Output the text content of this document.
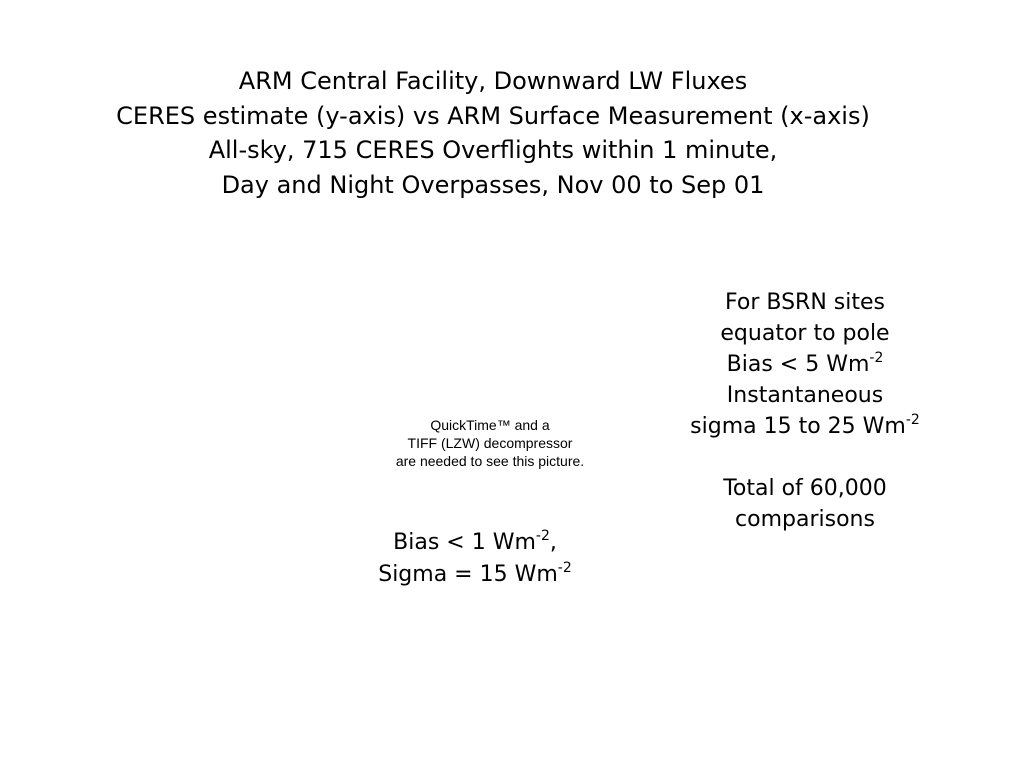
ARM Central Facility, Downward LW Fluxes
CERES estimate (y-axis) vs ARM Surface Measurement (x-axis)
All-sky, 715 CERES Overflights within 1 minute,
Day and Night Overpasses, Nov 00 to Sep 01
QuickTime™ and a
TIFF (LZW) decompressor
are needed to see this picture.
Bias < 1 $Wm^{-2}$,
Sigma = 15 $Wm^{-2}$
For BSRN sites
equator to pole
Bias < 5 $Wm^{-2}$
Instantaneous
sigma 15 to 25 $Wm^{-2}$
Total of 60,000
comparisons
